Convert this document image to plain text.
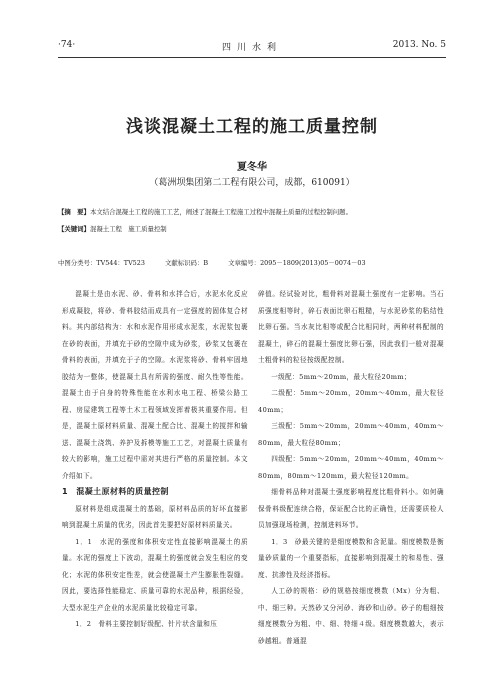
·74·	四川水利	2013. No. 5
浅谈混凝土工程的施工质量控制
夏冬华
（葛洲坝集团第二工程有限公司，成都，610091）
【摘　要】本文结合混凝土工程的施工工艺，阐述了混凝土工程施工过程中混凝土质量的过程控制问题。
【关键词】混凝土工程　施工质量控制
中图分类号：TV544：TV523	文献标识码：B	文章编号：2095－1809(2013)05－0074－03

混凝土是由水泥、砂、骨料和水拌合后，水泥水化反应形成凝胶，将砂、骨料胶结而成具有一定强度的固体复合材料。其内部结构为：水和水泥作用形成水泥浆，水泥浆包裹在砂的表面，并填充于砂的空隙中成为砂浆，砂浆又包裹在骨料的表面，并填充于子的空隙。水泥浆将砂、骨料牢固地胶结为一整体，使混凝土具有所需的强度、耐久性等性能。混凝土由于自身的特殊性能在水利水电工程、桥梁公路工程、房屋建筑工程等土木工程领域发挥着极其重要作用。但是，混凝土原材料质量、混凝土配合比、混凝土的搅拌和输送、混凝土浇筑、养护及拆模等施工工艺，对混凝土质量有较大的影响，施工过程中需对其进行严格的质量控制。本文介绍如下。

1　混凝土原材料的质量控制

原材料是组成混凝土的基础，原材料品质的好坏直接影响到混凝土质量的优劣，因此首先要把好原材料质量关。

1．1　水泥的强度和体积安定性直接影响混凝土的质量。水泥的强度上下波动，混凝土的强度就会发生相应的变化；水泥的体积安定性差，就会使混凝土产生膨胀性裂缝。因此，要选择性能稳定、质量可靠的水泥品种，根据经验，大型水泥生产企业的水泥质量比较稳定可靠。

1．2　骨料主要控制好级配、针片状含量和压

碎值。经试验对比，粗骨料对混凝土强度有一定影响。当石质强度相等时，碎石表面比卵石粗糙，与水泥砂浆的粘结性比卵石强。当水灰比相等或配合比相同时，两种材料配制的混凝土，碎石的混凝土强度比卵石强，因此我们一般对混凝土粗骨料的粒径按级配控制。

一级配：5mm～20mm，最大粒径20mm；

二级配：5mm～20mm，20mm～40mm，最大粒径40mm；

三级配：5mm～20mm，20mm～40mm，40mm～80mm，最大粒径80mm；

四级配：5mm～20mm，20mm～40mm，40mm～80mm，80mm～120mm，最大粒径120mm。

细骨料品种对混凝土强度影响程度比粗骨料小。如何确保骨料级配连续合格，保证配合比的正确性，还需要质检人员加强现场检测，控制进料环节。

1．3　砂最关键的是细度模数和含泥量。细度模数是衡量砂质量的一个重要指标，直接影响到混凝土的和易性、强度、抗渗性及经济指标。

人工砂的规格：砂的规格按细度模数（Mx）分为粗、中、细三种。天然砂又分河砂、海砂和山砂。砂子的粗细按细度模数分为粗、中、细、特细４级。细度模数越大，表示砂越粗。普通混
